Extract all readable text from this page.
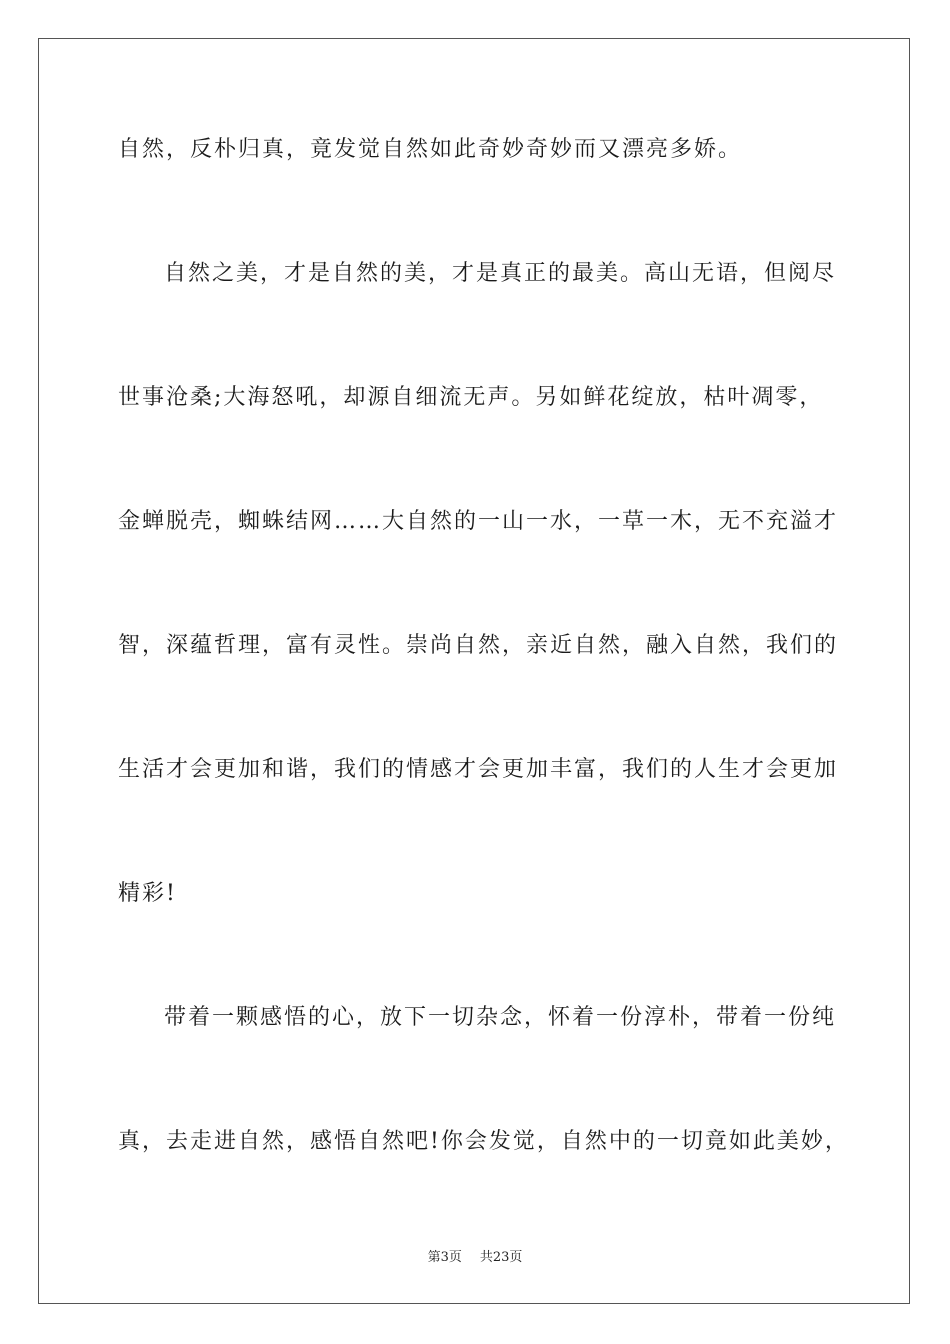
自然，反朴归真，竟发觉自然如此奇妙奇妙而又漂亮多娇。

自然之美，才是自然的美，才是真正的最美。高山无语，但阅尽

世事沧桑;大海怒吼，却源自细流无声。另如鲜花绽放，枯叶凋零，

金蝉脱壳，蜘蛛结网……大自然的一山一水，一草一木，无不充溢才

智，深蕴哲理，富有灵性。崇尚自然，亲近自然，融入自然，我们的

生活才会更加和谐，我们的情感才会更加丰富，我们的人生才会更加

精彩!

带着一颗感悟的心，放下一切杂念，怀着一份淳朴，带着一份纯

真，去走进自然，感悟自然吧!你会发觉，自然中的一切竟如此美妙，

第3页 共23页
